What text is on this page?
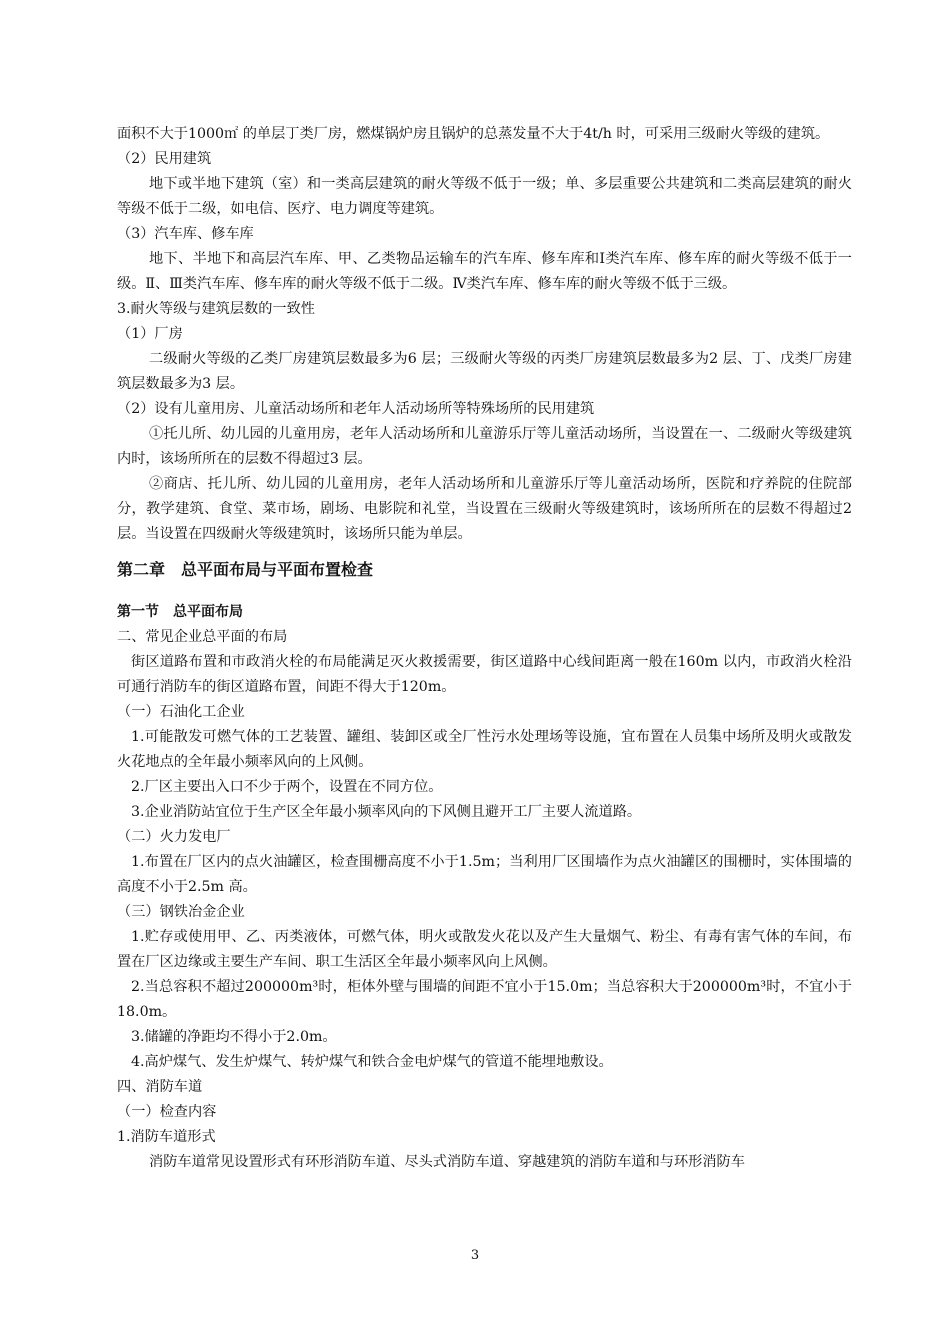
面积不大于1000㎡ 的单层丁类厂房，燃煤锅炉房且锅炉的总蒸发量不大于4t/h 时，可采用三级耐火等级的建筑。

（2）民用建筑

地下或半地下建筑（室）和一类高层建筑的耐火等级不低于一级；单、多层重要公共建筑和二类高层建筑的耐火等级不低于二级，如电信、医疗、电力调度等建筑。

（3）汽车库、修车库

地下、半地下和高层汽车库、甲、乙类物品运输车的汽车库、修车库和Ⅰ类汽车库、修车库的耐火等级不低于一级。Ⅱ、Ⅲ类汽车库、修车库的耐火等级不低于二级。Ⅳ类汽车库、修车库的耐火等级不低于三级。

3.耐火等级与建筑层数的一致性

（1）厂房

二级耐火等级的乙类厂房建筑层数最多为6 层；三级耐火等级的丙类厂房建筑层数最多为2 层、丁、戊类厂房建筑层数最多为3 层。

（2）设有儿童用房、儿童活动场所和老年人活动场所等特殊场所的民用建筑

①托儿所、幼儿园的儿童用房，老年人活动场所和儿童游乐厅等儿童活动场所，当设置在一、二级耐火等级建筑内时，该场所所在的层数不得超过3 层。

②商店、托儿所、幼儿园的儿童用房，老年人活动场所和儿童游乐厅等儿童活动场所，医院和疗养院的住院部分，教学建筑、食堂、菜市场，剧场、电影院和礼堂，当设置在三级耐火等级建筑时，该场所所在的层数不得超过2 层。当设置在四级耐火等级建筑时，该场所只能为单层。

第二章　总平面布局与平面布置检查
第一节　总平面布局

二、常见企业总平面的布局

街区道路布置和市政消火栓的布局能满足灭火救援需要，街区道路中心线间距离一般在160m 以内，市政消火栓沿可通行消防车的街区道路布置，间距不得大于120m。

（一）石油化工企业

1.可能散发可燃气体的工艺装置、罐组、装卸区或全厂性污水处理场等设施，宜布置在人员集中场所及明火或散发火花地点的全年最小频率风向的上风侧。

2.厂区主要出入口不少于两个，设置在不同方位。

3.企业消防站宜位于生产区全年最小频率风向的下风侧且避开工厂主要人流道路。

（二）火力发电厂

1.布置在厂区内的点火油罐区，检查围栅高度不小于1.5m；当利用厂区围墙作为点火油罐区的围栅时，实体围墙的高度不小于2.5m 高。

（三）钢铁冶金企业

1.贮存或使用甲、乙、丙类液体，可燃气体，明火或散发火花以及产生大量烟气、粉尘、有毒有害气体的车间，布置在厂区边缘或主要生产车间、职工生活区全年最小频率风向上风侧。

2.当总容积不超过200000m³时，柜体外壁与围墙的间距不宜小于15.0m；当总容积大于200000m³时，不宜小于18.0m。

3.储罐的净距均不得小于2.0m。

4.高炉煤气、发生炉煤气、转炉煤气和铁合金电炉煤气的管道不能埋地敷设。

四、消防车道

（一）检查内容

1.消防车道形式

消防车道常见设置形式有环形消防车道、尽头式消防车道、穿越建筑的消防车道和与环形消防车

3
